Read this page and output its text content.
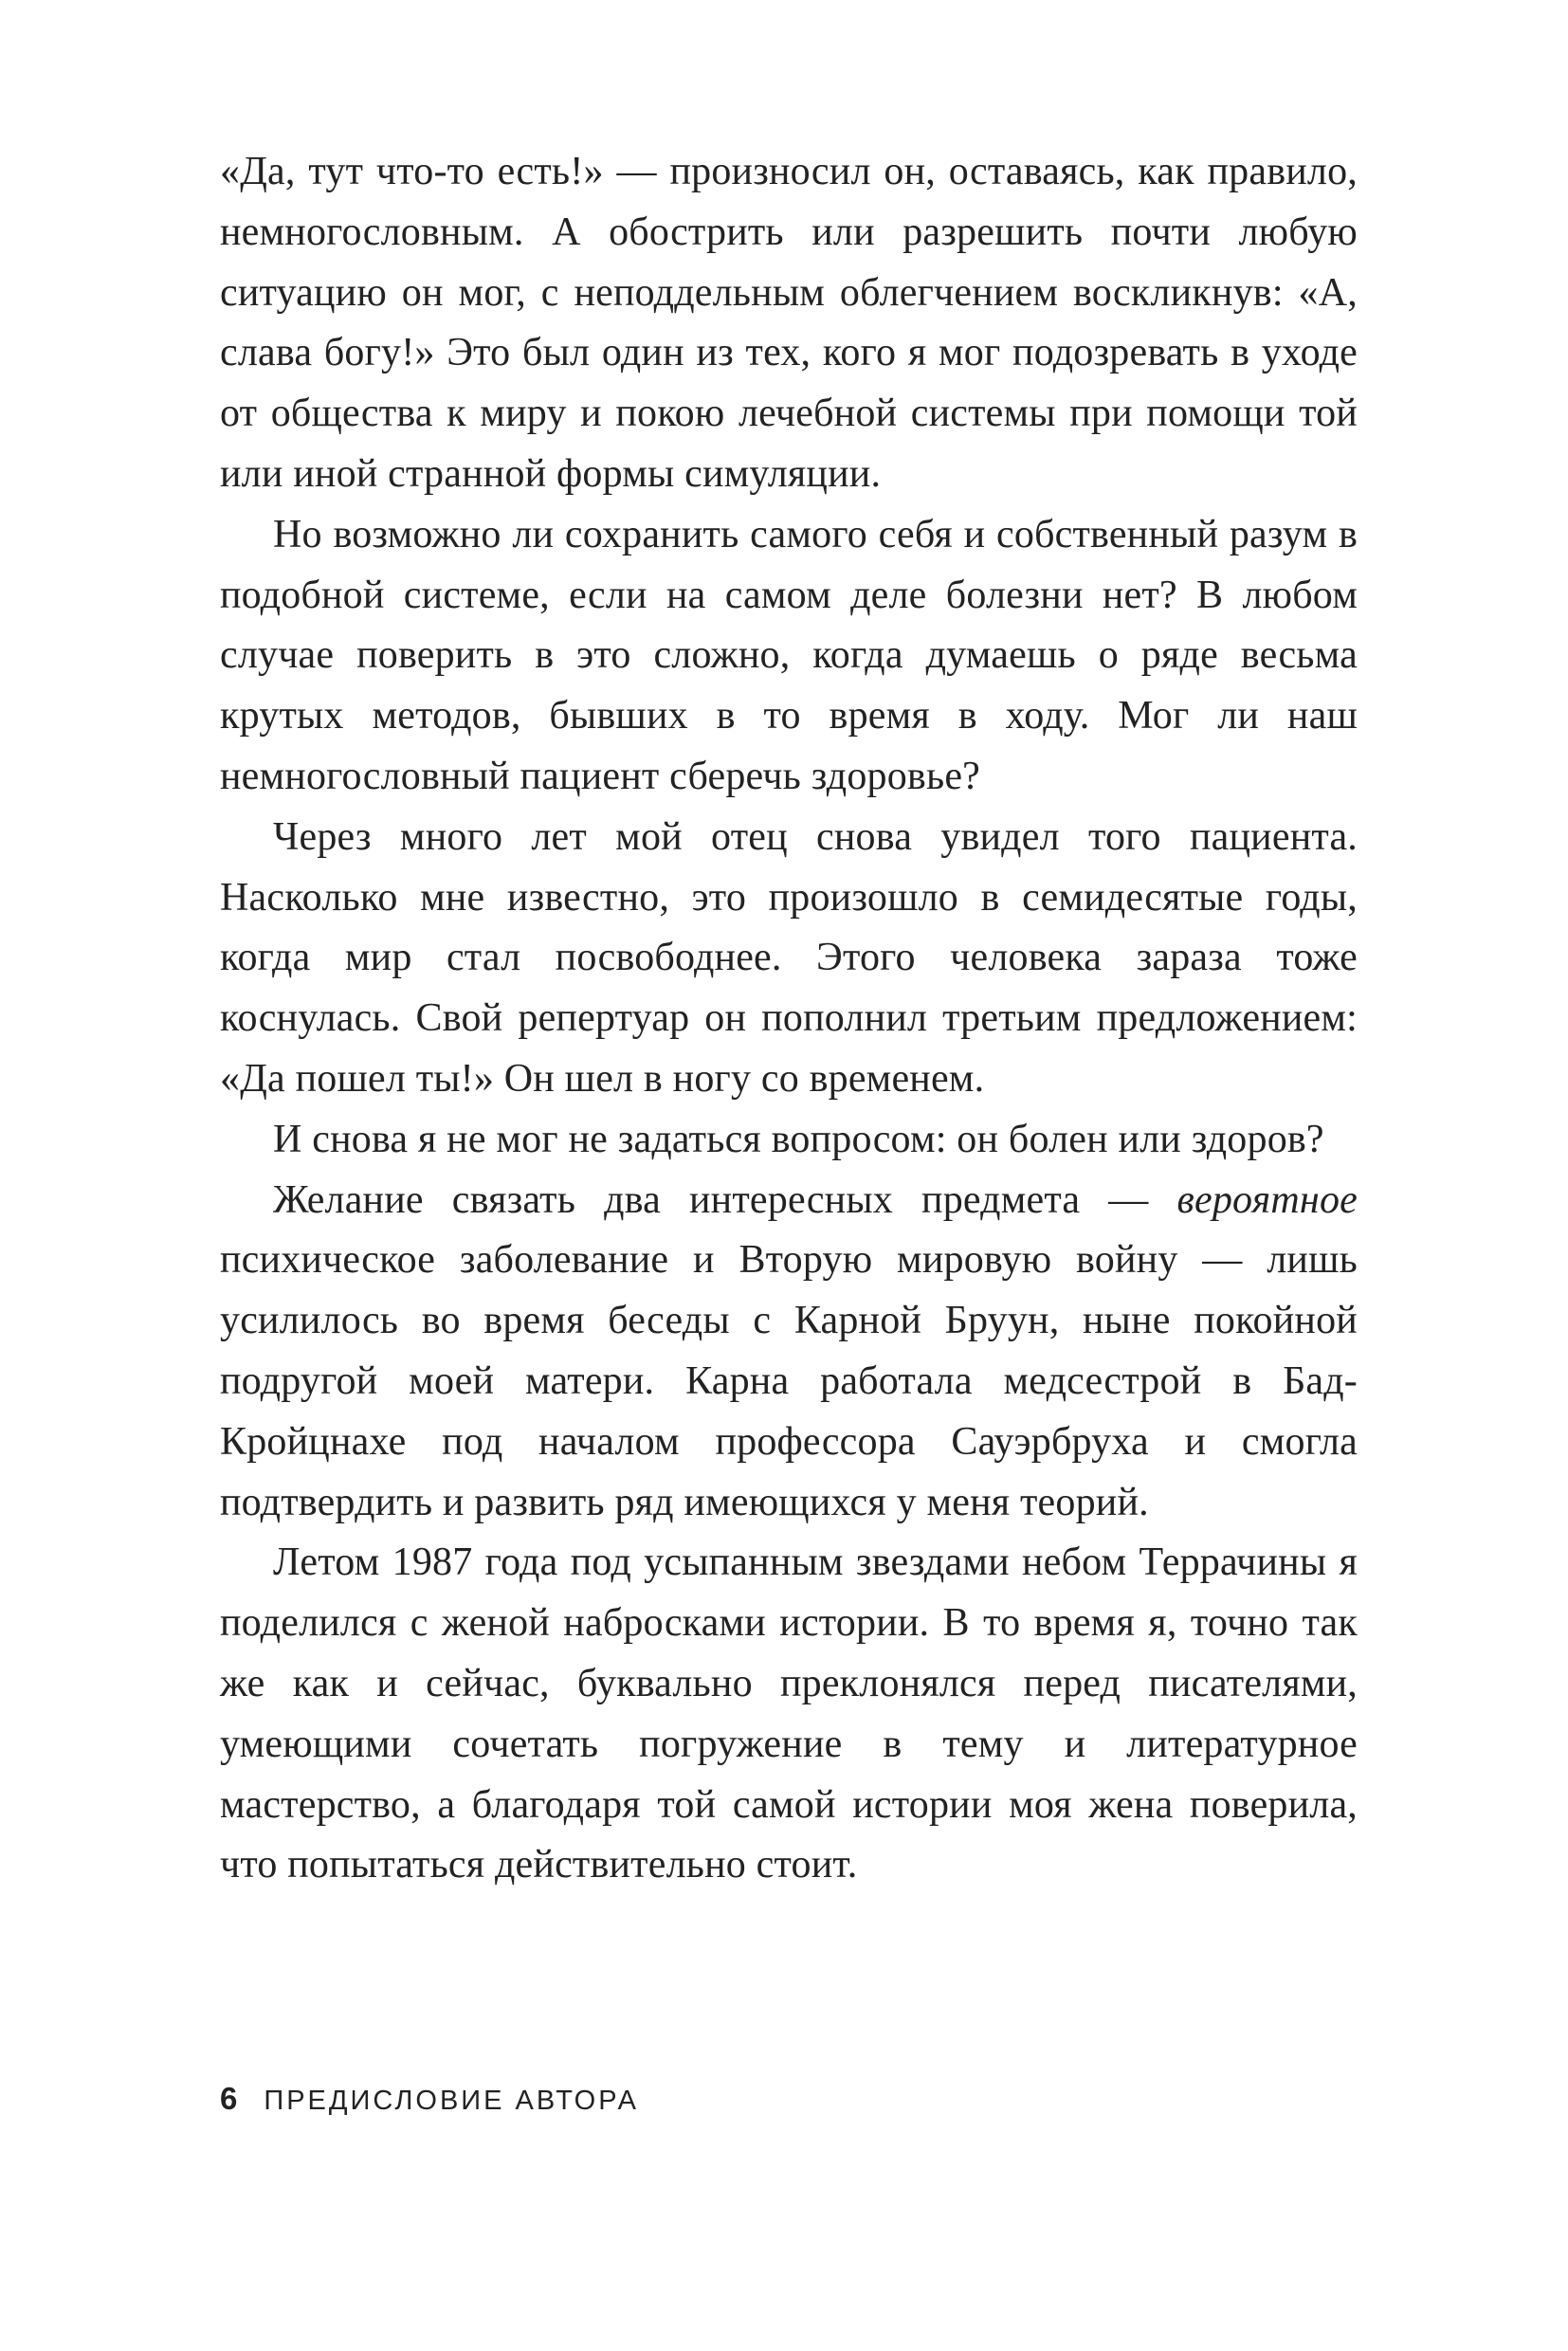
«Да, тут что-то есть!» — произносил он, оставаясь, как правило, немногословным. А обострить или разрешить почти любую ситуацию он мог, с неподдельным облегчением воскликнув: «А, слава богу!» Это был один из тех, кого я мог подозревать в уходе от общества к миру и покою лечебной системы при помощи той или иной странной формы симуляции.

Но возможно ли сохранить самого себя и собственный разум в подобной системе, если на самом деле болезни нет? В любом случае поверить в это сложно, когда думаешь о ряде весьма крутых методов, бывших в то время в ходу. Мог ли наш немногословный пациент сберечь здоровье?

Через много лет мой отец снова увидел того пациента. Насколько мне известно, это произошло в семидесятые годы, когда мир стал посвободнее. Этого человека зараза тоже коснулась. Свой репертуар он пополнил третьим предложением: «Да пошел ты!» Он шел в ногу со временем.

И снова я не мог не задаться вопросом: он болен или здоров?

Желание связать два интересных предмета — вероятное психическое заболевание и Вторую мировую войну — лишь усилилось во время беседы с Карной Бруун, ныне покойной подругой моей матери. Карна работала медсестрой в Бад-Кройцнахе под началом профессора Сауэрбруха и смогла подтвердить и развить ряд имеющихся у меня теорий.

Летом 1987 года под усыпанным звездами небом Террачины я поделился с женой набросками истории. В то время я, точно так же как и сейчас, буквально преклонялся перед писателями, умеющими сочетать погружение в тему и литературное мастерство, а благодаря той самой истории моя жена поверила, что попытаться действительно стоит.

6 ПРЕДИСЛОВИЕ АВТОРА
